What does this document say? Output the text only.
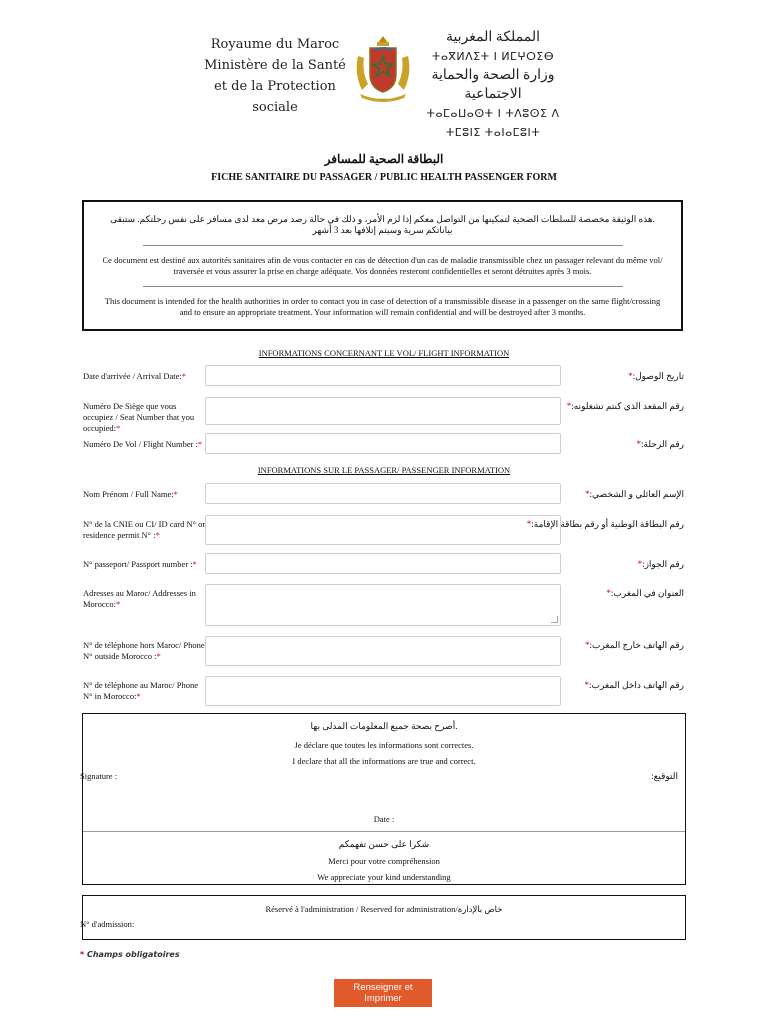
Royaume du Maroc
Ministère de la Santé
et de la Protection sociale
• • • •
المملكة المغربية
ⵜⴰⴳⵍⴷⵉⵜ ⵏ ⵍⵎⵖⵔⵉⴱ
وزارة الصحة والحماية الاجتماعية
ⵜⴰⵎⴰⵡⴰⵙⵜ ⵏ ⵜⴷⵓⵙⵉ ⴷ ⵜⵎⵓⵏⵉ ⵜⴰⵏⴰⵎⵓⵏⵜ
البطاقة الصحية للمسافر
FICHE SANITAIRE DU PASSAGER / PUBLIC HEALTH PASSENGER FORM

.هذه الوثيقة مخصصة للسلطات الصحية لتمكينها من التواصل معكم إذا لزم الأمر، و ذلك في حالة رصد مرض معد لدى مسافر على نفس رحلتكم. ستبقى بياناتكم سرية وسيتم إتلافها بعد 3 أشهر

Ce document est destiné aux autorités sanitaires afin de vous contacter en cas de détection d'un cas de maladie transmissible chez un passager relevant du même vol/ traversée et vous assurer la prise en charge adéquate. Vos données resteront confidentielles et seront détruites après 3 mois.

This document is intended for the health authorities in order to contact you in case of detection of a transmissible disease in a passenger on the same flight/crossing and to ensure an appropriate treatment. Your information will remain confidential and will be destroyed after 3 months.

INFORMATIONS CONCERNANT LE VOL/ FLIGHT INFORMATION
Date d'arrivée / Arrival Date:*	تاريخ الوصول:*
Numéro De Siège que vous occupiez / Seat Number that you occupied:*
رقم المقعد الذي كنتم تشغلونه:*
Numéro De Vol / Flight Number :*	رقم الرحلة:*
INFORMATIONS SUR LE PASSAGER/ PASSENGER INFORMATION
Nom Prénom / Full Name:*	الإسم العائلي و الشخصي:*
N° de la CNIE ou CI/ ID card N° or residence permit N° :*
رقم البطاقة الوطنية أو رقم بطاقة الإقامة:*
N° passeport/ Passport number :*	رقم الجواز:*
Adresses au Maroc/ Addresses in Morocco:*
العنوان في المغرب:*
N° de téléphone hors Maroc/ Phone N° outside Morocco :*
رقم الهاتف خارج المغرب:*
N° de téléphone au Maroc/ Phone N° in Morocco:*
رقم الهاتف داخل المغرب:*
.أصرح بصحة جميع المعلومات المدلى بها
Je déclare que toutes les informations sont correctes.
I declare that all the informations are true and correct.
Date :
شكرا على حسن تفهمكم
Merci pour votre compréhension
We appreciate your kind understanding
Signature :	التوقيع:
Réservé à l'administration / Reserved for administration/خاص بالإدارة
N° d'admission:
* Champs obligatoires
Renseigner et Imprimer
